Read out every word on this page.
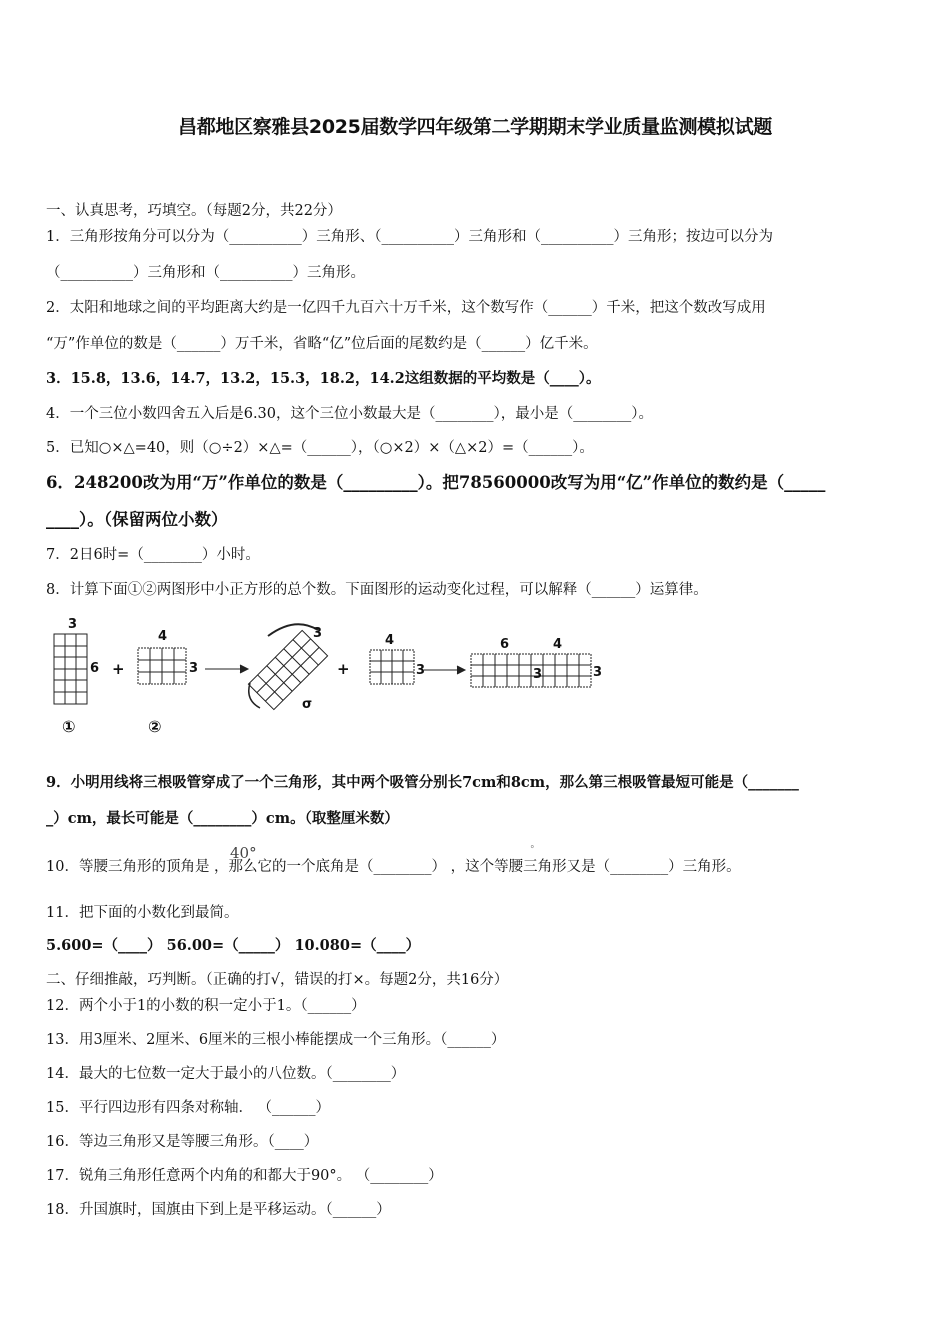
昌都地区察雅县2025届数学四年级第二学期期末学业质量监测模拟试题
一、认真思考，巧填空。（每题2分，共22分）
1．三角形按角分可以分为（__________）三角形、（__________）三角形和（__________）三角形；按边可以分为
（__________）三角形和（__________）三角形。
2．太阳和地球之间的平均距离大约是一亿四千九百六十万千米，这个数写作（______）千米，把这个数改写成用
“万”作单位的数是（______）万千米，省略“亿”位后面的尾数约是（______）亿千米。
3．15.8，13.6，14.7，13.2，15.3，18.2，14.2这组数据的平均数是（____）。
4．一个三位小数四舍五入后是6.30，这个三位小数最大是（________），最小是（________）。
5．已知○×△=40，则（○÷2）×△=（______），（○×2）×（△×2）=（______）。
6．248200改为用“万”作单位的数是（_________）。把78560000改写为用“亿”作单位的数约是（_____
____）。（保留两位小数）
7．2日6时=（________）小时。
8．计算下面①②两图形中小正方形的总个数。下面图形的运动变化过程，可以解释（______）运算律。
3
6
4
3
3
σ
4
3
6	4
3	3
①	②
+	+
9．小明用线将三根吸管穿成了一个三角形，其中两个吸管分别长7cm和8cm，那么第三根吸管最短可能是（_______
_）cm，最长可能是（________）cm。（取整厘米数）
40°	°
10．等腰三角形的顶角是 ，那么它的一个底角是（________） ，这个等腰三角形又是（________）三角形。
11．把下面的小数化到最简。
5.600=（____） 56.00=（_____） 10.080=（____）
二、仔细推敲，巧判断。（正确的打√，错误的打×。每题2分，共16分）
12．两个小于1的小数的积一定小于1。（______）
13．用3厘米、2厘米、6厘米的三根小棒能摆成一个三角形。（______）
14．最大的七位数一定大于最小的八位数。（________）
15．平行四边形有四条对称轴． （______）
16．等边三角形又是等腰三角形。（____）
17．锐角三角形任意两个内角的和都大于90°。 （________）
18．升国旗时，国旗由下到上是平移运动。（______）
